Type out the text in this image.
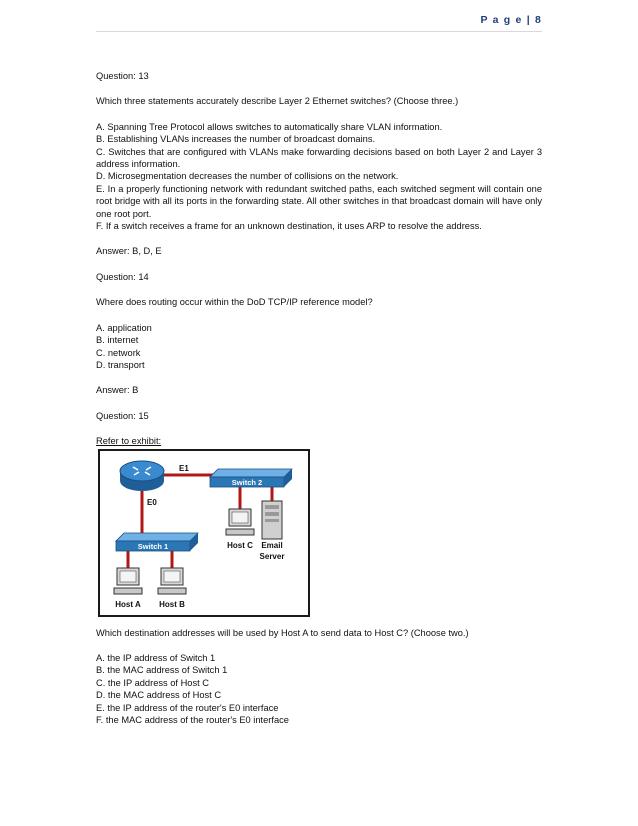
P a g e | 8
Question: 13
Which three statements accurately describe Layer 2 Ethernet switches? (Choose three.)
A. Spanning Tree Protocol allows switches to automatically share VLAN information.
B. Establishing VLANs increases the number of broadcast domains.
C. Switches that are configured with VLANs make forwarding decisions based on both Layer 2 and Layer 3 address information.
D. Microsegmentation decreases the number of collisions on the network.
E. In a properly functioning network with redundant switched paths, each switched segment will contain one root bridge with all its ports in the forwarding state. All other switches in that broadcast domain will have only one root port.
F. If a switch receives a frame for an unknown destination, it uses ARP to resolve the address.
Answer: B, D, E
Question: 14
Where does routing occur within the DoD TCP/IP reference model?
A. application
B. internet
C. network
D. transport
Answer: B
Question: 15
Refer to exhibit:
E1
E0
Switch 2
Host C Email
Server
Switch 1
Host A Host B
Which destination addresses will be used by Host A to send data to Host C? (Choose two.)
A. the IP address of Switch 1
B. the MAC address of Switch 1
C. the IP address of Host C
D. the MAC address of Host C
E. the IP address of the router's E0 interface
F. the MAC address of the router's E0 interface
